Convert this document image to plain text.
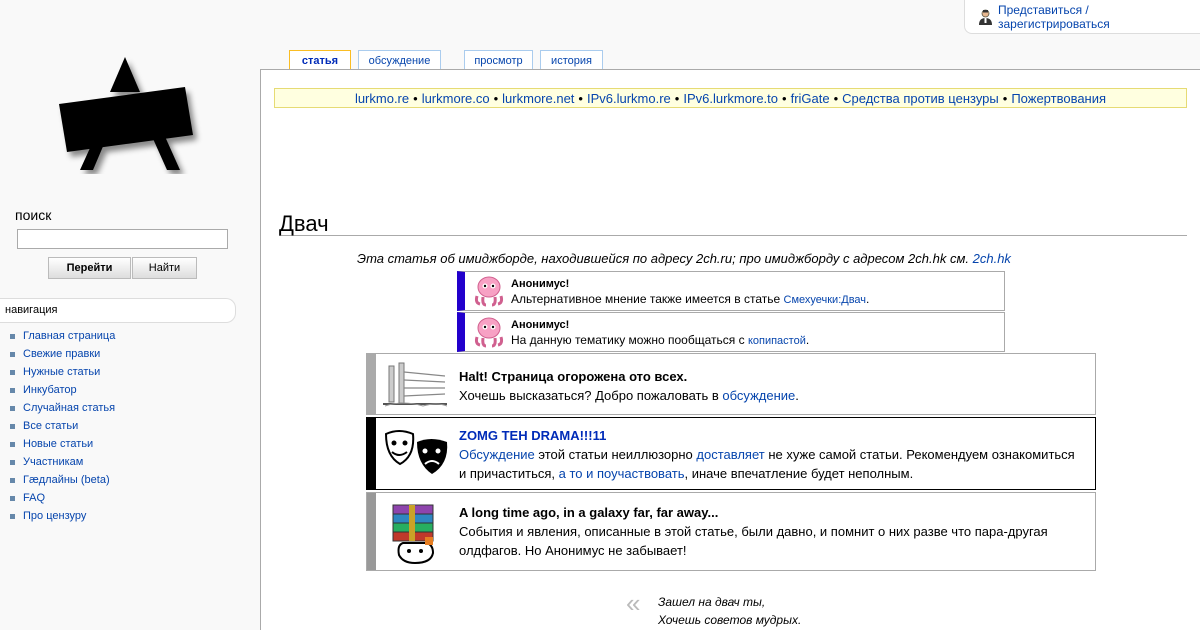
Представиться / зарегистрироваться
статья	обсуждение	просмотр	история
поиск
Перейти	Найти
навигация
Главная страница
Свежие правки
Нужные статьи
Инкубатор
Случайная статья
Все статьи
Новые статьи
Участникам
Гæдлайны (beta)
FAQ
Про цензуру
lurkmo.re • lurkmore.co • lurkmore.net • IPv6.lurkmo.re • IPv6.lurkmore.to • friGate • Средства против цензуры • Пожертвования
Двач
Эта статья об имиджборде, находившейся по адресу 2ch.ru; про имиджборду с адресом 2ch.hk см. 2ch.hk
Анонимус!
Альтернативное мнение также имеется в статье Смехуечки:Двач.
Анонимус!
На данную тематику можно пообщаться с копипастой.
Halt! Страница огорожена ото всех.
Хочешь высказаться? Добро пожаловать в обсуждение.
ZOMG TEH DRAMA!!!11
Обсуждение этой статьи неиллюзорно доставляет не хуже самой статьи. Рекомендуем ознакомиться и причаститься, а то и поучаствовать, иначе впечатление будет неполным.
A long time ago, in a galaxy far, far away...
События и явления, описанные в этой статье, были давно, и помнит о них разве что пара-другая олдфагов. Но Анонимус не забывает!
« Зашел на двач ты,
Хочешь советов мудрых.
